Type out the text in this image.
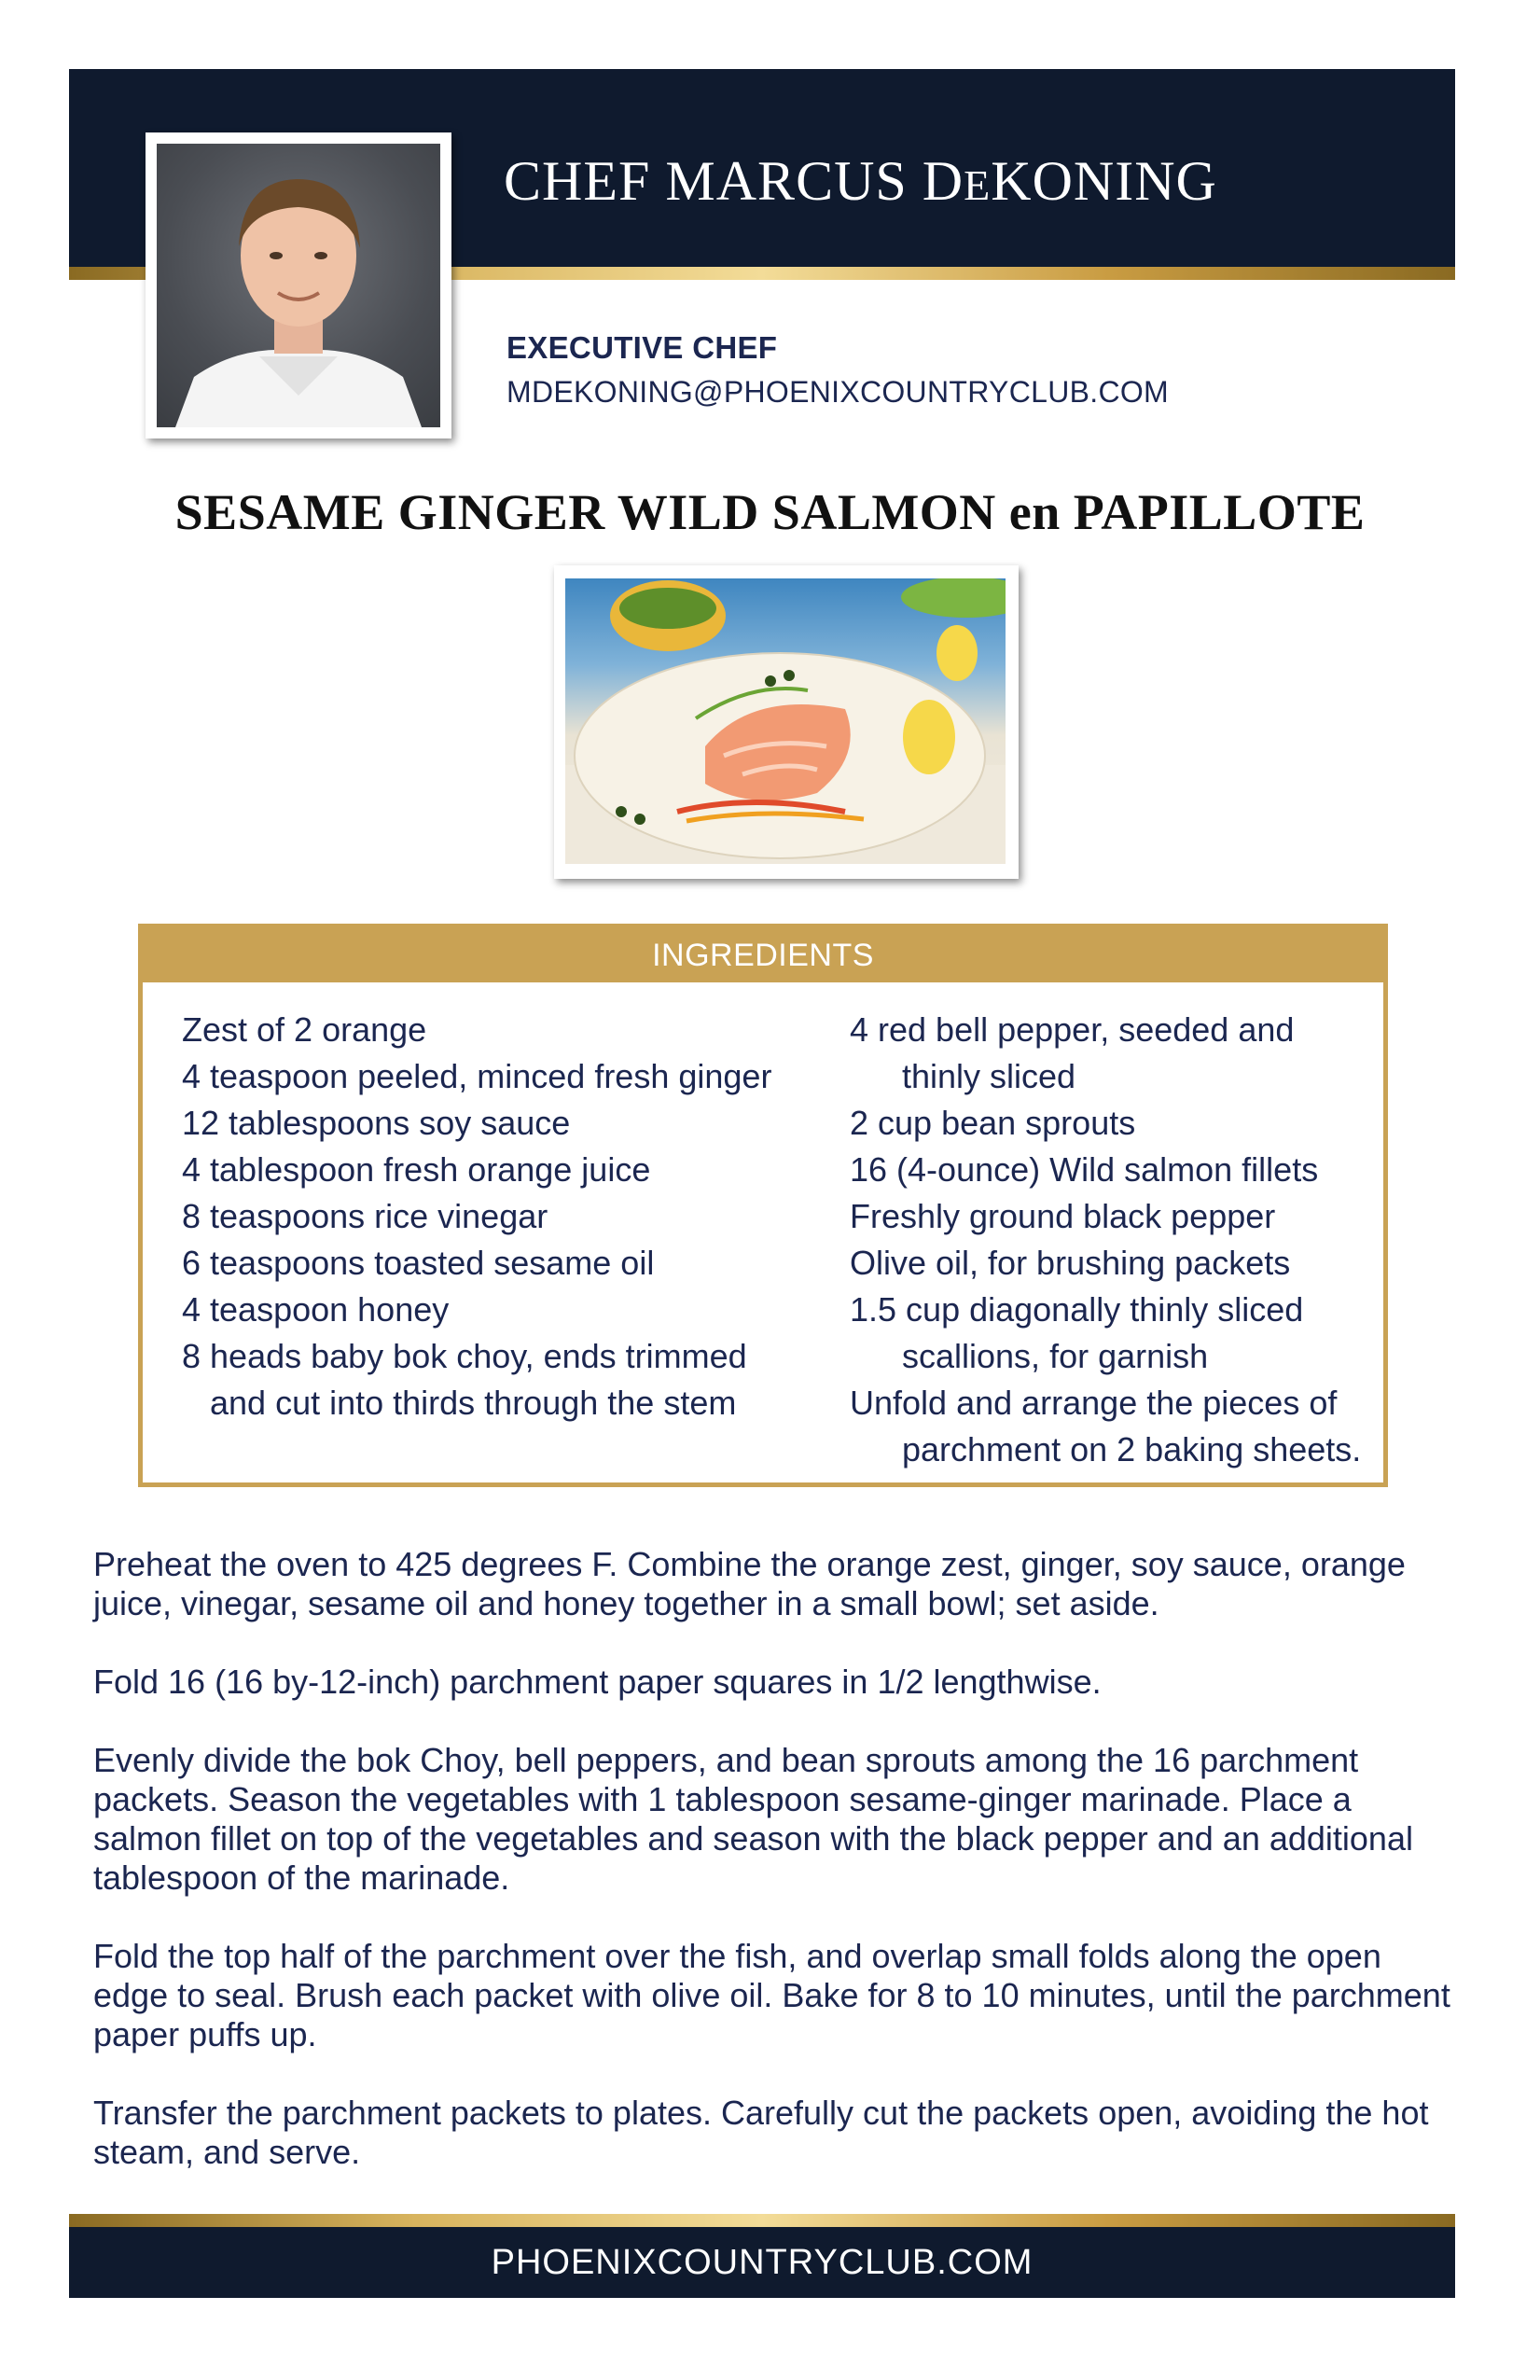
CHEF MARCUS DEKONING
EXECUTIVE CHEF
MDEKONING@PHOENIXCOUNTRYCLUB.COM
SESAME GINGER WILD SALMON en PAPILLOTE
INGREDIENTS
Zest of 2 orange
4 teaspoon peeled, minced fresh ginger
12 tablespoons soy sauce
4 tablespoon fresh orange juice
8 teaspoons rice vinegar
6 teaspoons toasted sesame oil
4 teaspoon honey
8 heads baby bok choy, ends trimmed and cut into thirds through the stem
4 red bell pepper, seeded and thinly sliced
2 cup bean sprouts
16 (4-ounce) Wild salmon fillets
Freshly ground black pepper
Olive oil, for brushing packets
1.5 cup diagonally thinly sliced scallions, for garnish
Unfold and arrange the pieces of parchment on 2 baking sheets.

Preheat the oven to 425 degrees F. Combine the orange zest, ginger, soy sauce, orange juice, vinegar, sesame oil and honey together in a small bowl; set aside.

Fold 16 (16 by-12-inch) parchment paper squares in 1/2 lengthwise.

Evenly divide the bok Choy, bell peppers, and bean sprouts among the 16 parchment packets. Season the vegetables with 1 tablespoon sesame-ginger marinade. Place a salmon fillet on top of the vegetables and season with the black pepper and an additional tablespoon of the marinade.

Fold the top half of the parchment over the fish, and overlap small folds along the open edge to seal. Brush each packet with olive oil. Bake for 8 to 10 minutes, until the parchment paper puffs up.

Transfer the parchment packets to plates. Carefully cut the packets open, avoiding the hot steam, and serve.

PHOENIXCOUNTRYCLUB.COM
